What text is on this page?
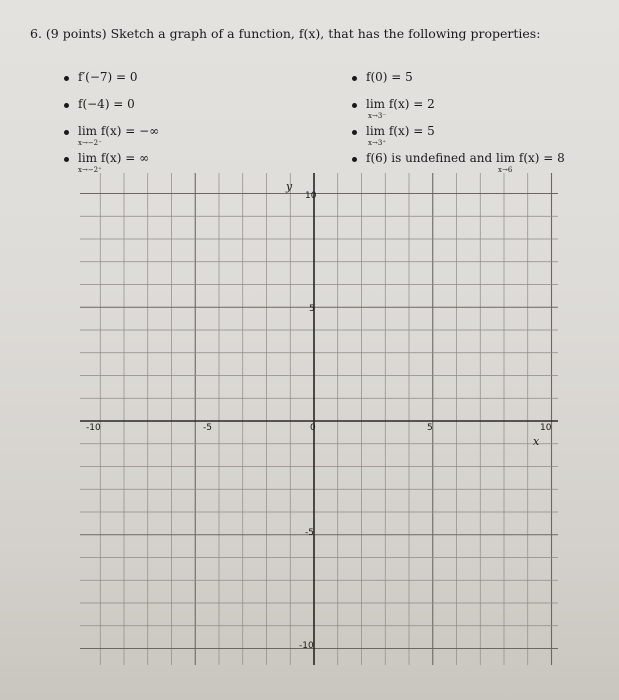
6. (9 points) Sketch a graph of a function, f(x), that has the following properties:
f′(−7) = 0
f(−4) = 0
lim f(x) = −∞
x→−2⁻
lim f(x) = ∞
x→−2⁺
f(0) = 5
lim f(x) = 2
x→3⁻
lim f(x) = 5
x→3⁺
f(6) is undefined and lim f(x) = 8
x→6
-10	-5	0	5	10
10
5
-5
-10
y
x
